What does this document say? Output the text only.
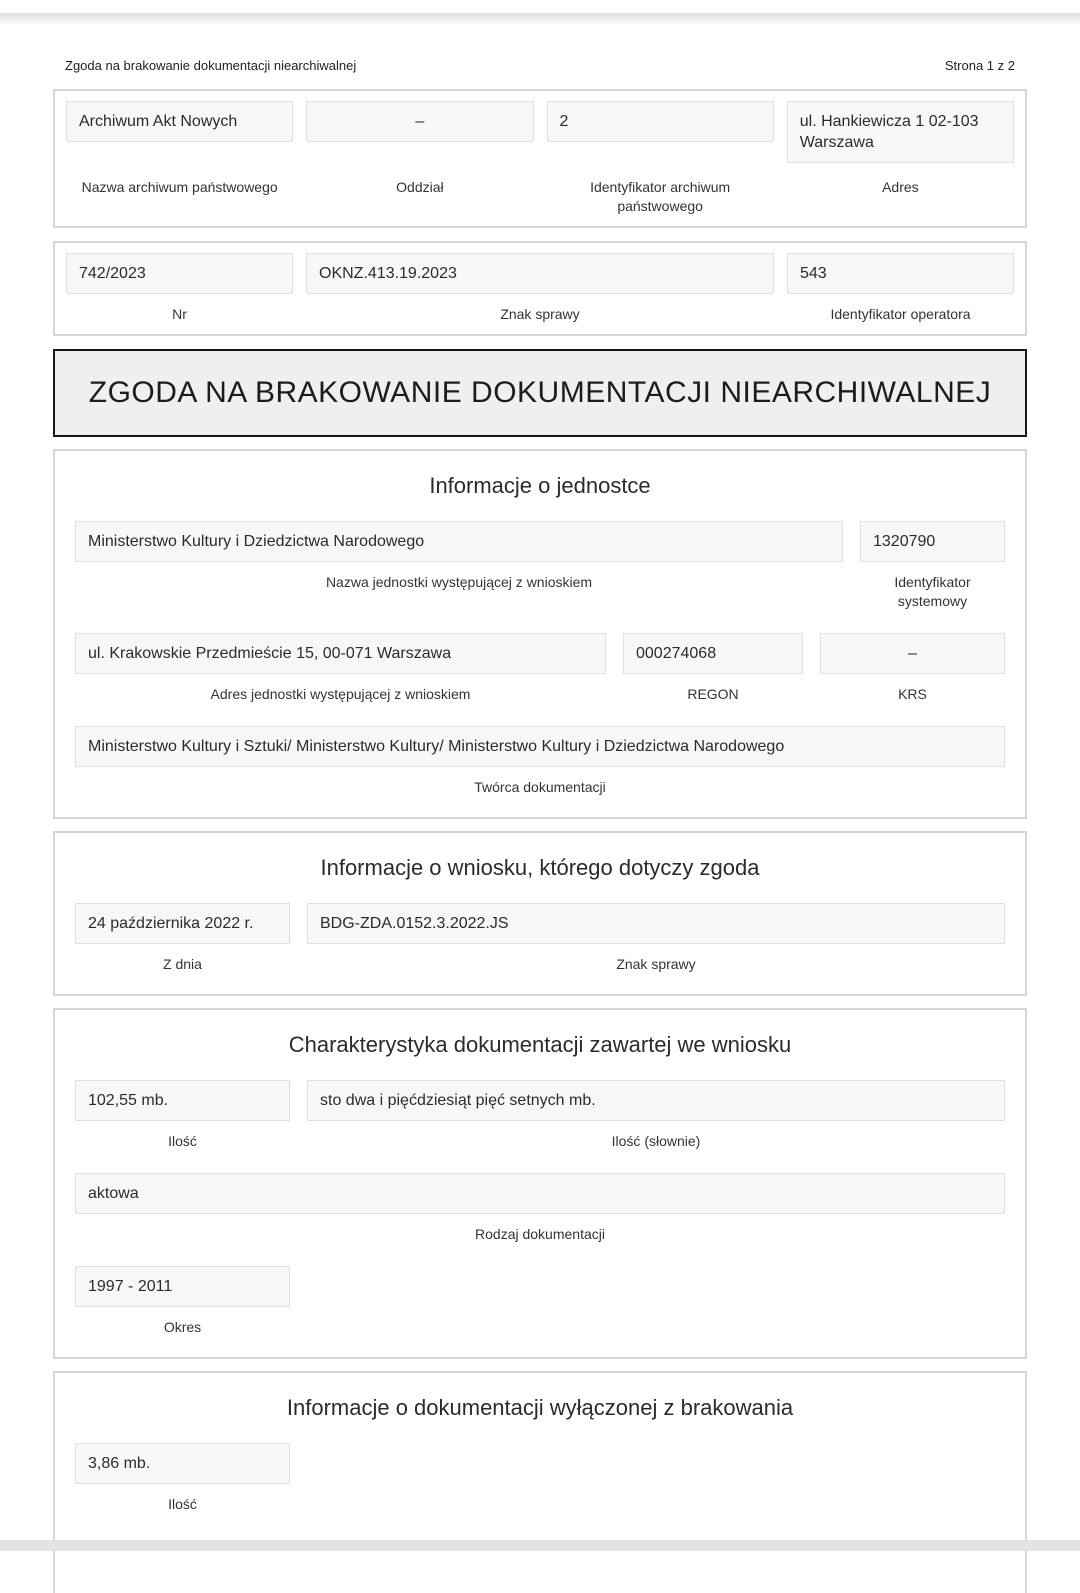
Zgoda na brakowanie dokumentacji niearchiwalnej	Strona 1 z 2
Archiwum Akt Nowych
Nazwa archiwum państwowego
–
Oddział
2
Identyfikator archiwum państwowego
ul. Hankiewicza 1 02-103 Warszawa
Adres
742/2023
Nr
OKNZ.413.19.2023
Znak sprawy
543
Identyfikator operatora
ZGODA NA BRAKOWANIE DOKUMENTACJI NIEARCHIWALNEJ
Informacje o jednostce
Ministerstwo Kultury i Dziedzictwa Narodowego
Nazwa jednostki występującej z wnioskiem
1320790
Identyfikator systemowy
ul. Krakowskie Przedmieście 15, 00-071 Warszawa
Adres jednostki występującej z wnioskiem
000274068
REGON
–
KRS
Ministerstwo Kultury i Sztuki/ Ministerstwo Kultury/ Ministerstwo Kultury i Dziedzictwa Narodowego
Twórca dokumentacji
Informacje o wniosku, którego dotyczy zgoda
24 października 2022 r.
Z dnia
BDG-ZDA.0152.3.2022.JS
Znak sprawy
Charakterystyka dokumentacji zawartej we wniosku
102,55 mb.
Ilość
sto dwa i pięćdziesiąt pięć setnych mb.
Ilość (słownie)
aktowa
Rodzaj dokumentacji
1997 - 2011
Okres
Informacje o dokumentacji wyłączonej z brakowania
3,86 mb.
Ilość
